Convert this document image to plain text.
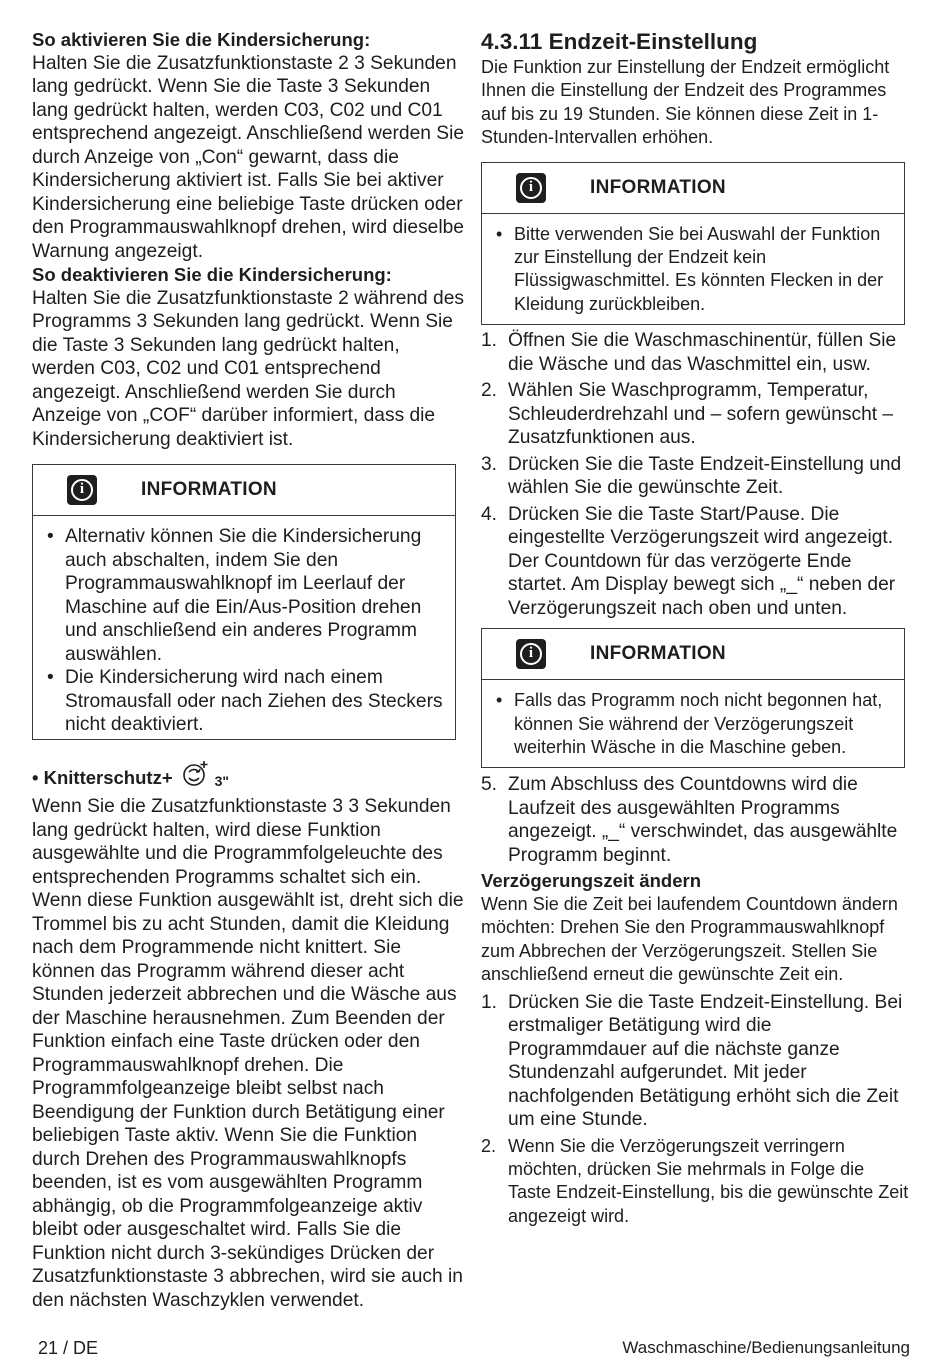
So aktivieren Sie die Kindersicherung:

Halten Sie die Zusatzfunktionstaste 2 3 Sekunden lang gedrückt. Wenn Sie die Taste 3 Sekunden lang gedrückt halten, werden C03, C02 und C01 entsprechend angezeigt. Anschließend werden Sie durch Anzeige von „Con“ gewarnt, dass die Kindersicherung aktiviert ist. Falls Sie bei aktiver Kindersicherung eine beliebige Taste drücken oder den Programmauswahlknopf drehen, wird dieselbe Warnung angezeigt.

So deaktivieren Sie die Kindersicherung:

Halten Sie die Zusatzfunktionstaste 2 während des Programms 3 Sekunden lang gedrückt. Wenn Sie die Taste 3 Sekunden lang gedrückt halten, werden C03, C02 und C01 entsprechend angezeigt. Anschließend werden Sie durch Anzeige von „COF“ darüber informiert, dass die Kindersicherung deaktiviert ist.

i	INFORMATION
• Alternativ können Sie die Kindersicherung auch abschalten, indem Sie den Programmauswahlknopf im Leerlauf der Maschine auf die Ein/Aus-Position drehen und anschließend ein anderes Programm auswählen.
• Die Kindersicherung wird nach einem Stromausfall oder nach Ziehen des Steckers nicht deaktiviert.

• Knitterschutz+	3"

Wenn Sie die Zusatzfunktionstaste 3 3 Sekunden lang gedrückt halten, wird diese Funktion ausgewählte und die Programmfolgeleuchte des entsprechenden Programms schaltet sich ein. Wenn diese Funktion ausgewählt ist, dreht sich die Trommel bis zu acht Stunden, damit die Kleidung nach dem Programmende nicht knittert. Sie können das Programm während dieser acht Stunden jederzeit abbrechen und die Wäsche aus der Maschine herausnehmen. Zum Beenden der Funktion einfach eine Taste drücken oder den Programmauswahlknopf drehen. Die Programmfolgeanzeige bleibt selbst nach Beendigung der Funktion durch Betätigung einer beliebigen Taste aktiv. Wenn Sie die Funktion durch Drehen des Programmauswahlknopfs beenden, ist es vom ausgewählten Programm abhängig, ob die Programmfolgeanzeige aktiv bleibt oder ausgeschaltet wird. Falls Sie die Funktion nicht durch 3-sekündiges Drücken der Zusatzfunktionstaste 3 abbrechen, wird sie auch in den nächsten Waschzyklen verwendet.

4.3.11 Endzeit-Einstellung

Die Funktion zur Einstellung der Endzeit ermöglicht Ihnen die Einstellung der Endzeit des Programmes auf bis zu 19 Stunden. Sie können diese Zeit in 1-Stunden-Intervallen erhöhen.

i	INFORMATION
• Bitte verwenden Sie bei Auswahl der Funktion zur Einstellung der Endzeit kein Flüssigwaschmittel. Es könnten Flecken in der Kleidung zurückbleiben.
1. Öffnen Sie die Waschmaschinentür, füllen Sie die Wäsche und das Waschmittel ein, usw.
2. Wählen Sie Waschprogramm, Temperatur, Schleuderdrehzahl und – sofern gewünscht – Zusatzfunktionen aus.
3. Drücken Sie die Taste Endzeit-Einstellung und wählen Sie die gewünschte Zeit.
4. Drücken Sie die Taste Start/Pause. Die eingestellte Verzögerungszeit wird angezeigt. Der Countdown für das verzögerte Ende startet. Am Display bewegt sich „_“ neben der Verzögerungszeit nach oben und unten.
i	INFORMATION
• Falls das Programm noch nicht begonnen hat, können Sie während der Verzögerungszeit weiterhin Wäsche in die Maschine geben.
5. Zum Abschluss des Countdowns wird die Laufzeit des ausgewählten Programms angezeigt. „_“ verschwindet, das ausgewählte Programm beginnt.

Verzögerungszeit ändern

Wenn Sie die Zeit bei laufendem Countdown ändern möchten: Drehen Sie den Programmauswahlknopf zum Abbrechen der Verzögerungszeit. Stellen Sie anschließend erneut die gewünschte Zeit ein.

1. Drücken Sie die Taste Endzeit-Einstellung. Bei erstmaliger Betätigung wird die Programmdauer auf die nächste ganze Stundenzahl aufgerundet. Mit jeder nachfolgenden Betätigung erhöht sich die Zeit um eine Stunde.
2. Wenn Sie die Verzögerungszeit verringern möchten, drücken Sie mehrmals in Folge die Taste Endzeit-Einstellung, bis die gewünschte Zeit angezeigt wird.
21 / DE	Waschmaschine/Bedienungsanleitung
